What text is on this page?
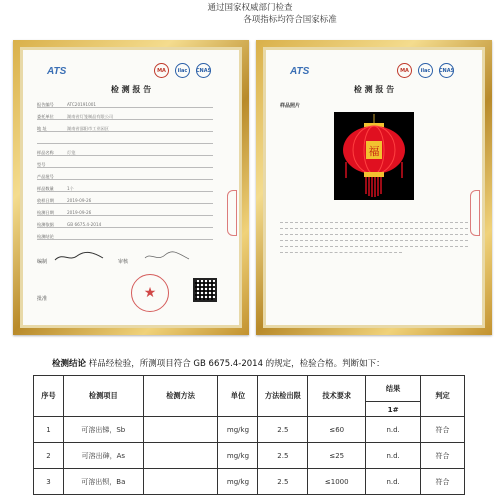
通过国家权威部门检查
各项指标均符合国家标准
ATS	MA	ilac	CNAS
检 测 报 告
报告编号	ATC20191001
委托单位	湖南省灯笼制品有限公司
地 址	湖南省邵阳市工业园区
样品名称	灯笼
型号
产品批号
样品数量	1个
收样日期	2019-09-26
检测日期	2019-09-26
检测依据	GB 6675.4-2014
检测结论
编制	审核
批准	★
ATS	MA	ilac	CNAS
检 测 报 告
样品照片
福
检测结论 样品经检验，所测项目符合 GB 6675.4-2014 的规定，检验合格。判断如下：
序号	检测项目	检测方法	单位	方法检出限	技术要求	结果	判定
						1#	
1	可溶出锑，Sb		mg/kg	2.5	≤60	n.d.	符合
2	可溶出砷，As		mg/kg	2.5	≤25	n.d.	符合
3	可溶出钡，Ba		mg/kg	2.5	≤1000	n.d.	符合
